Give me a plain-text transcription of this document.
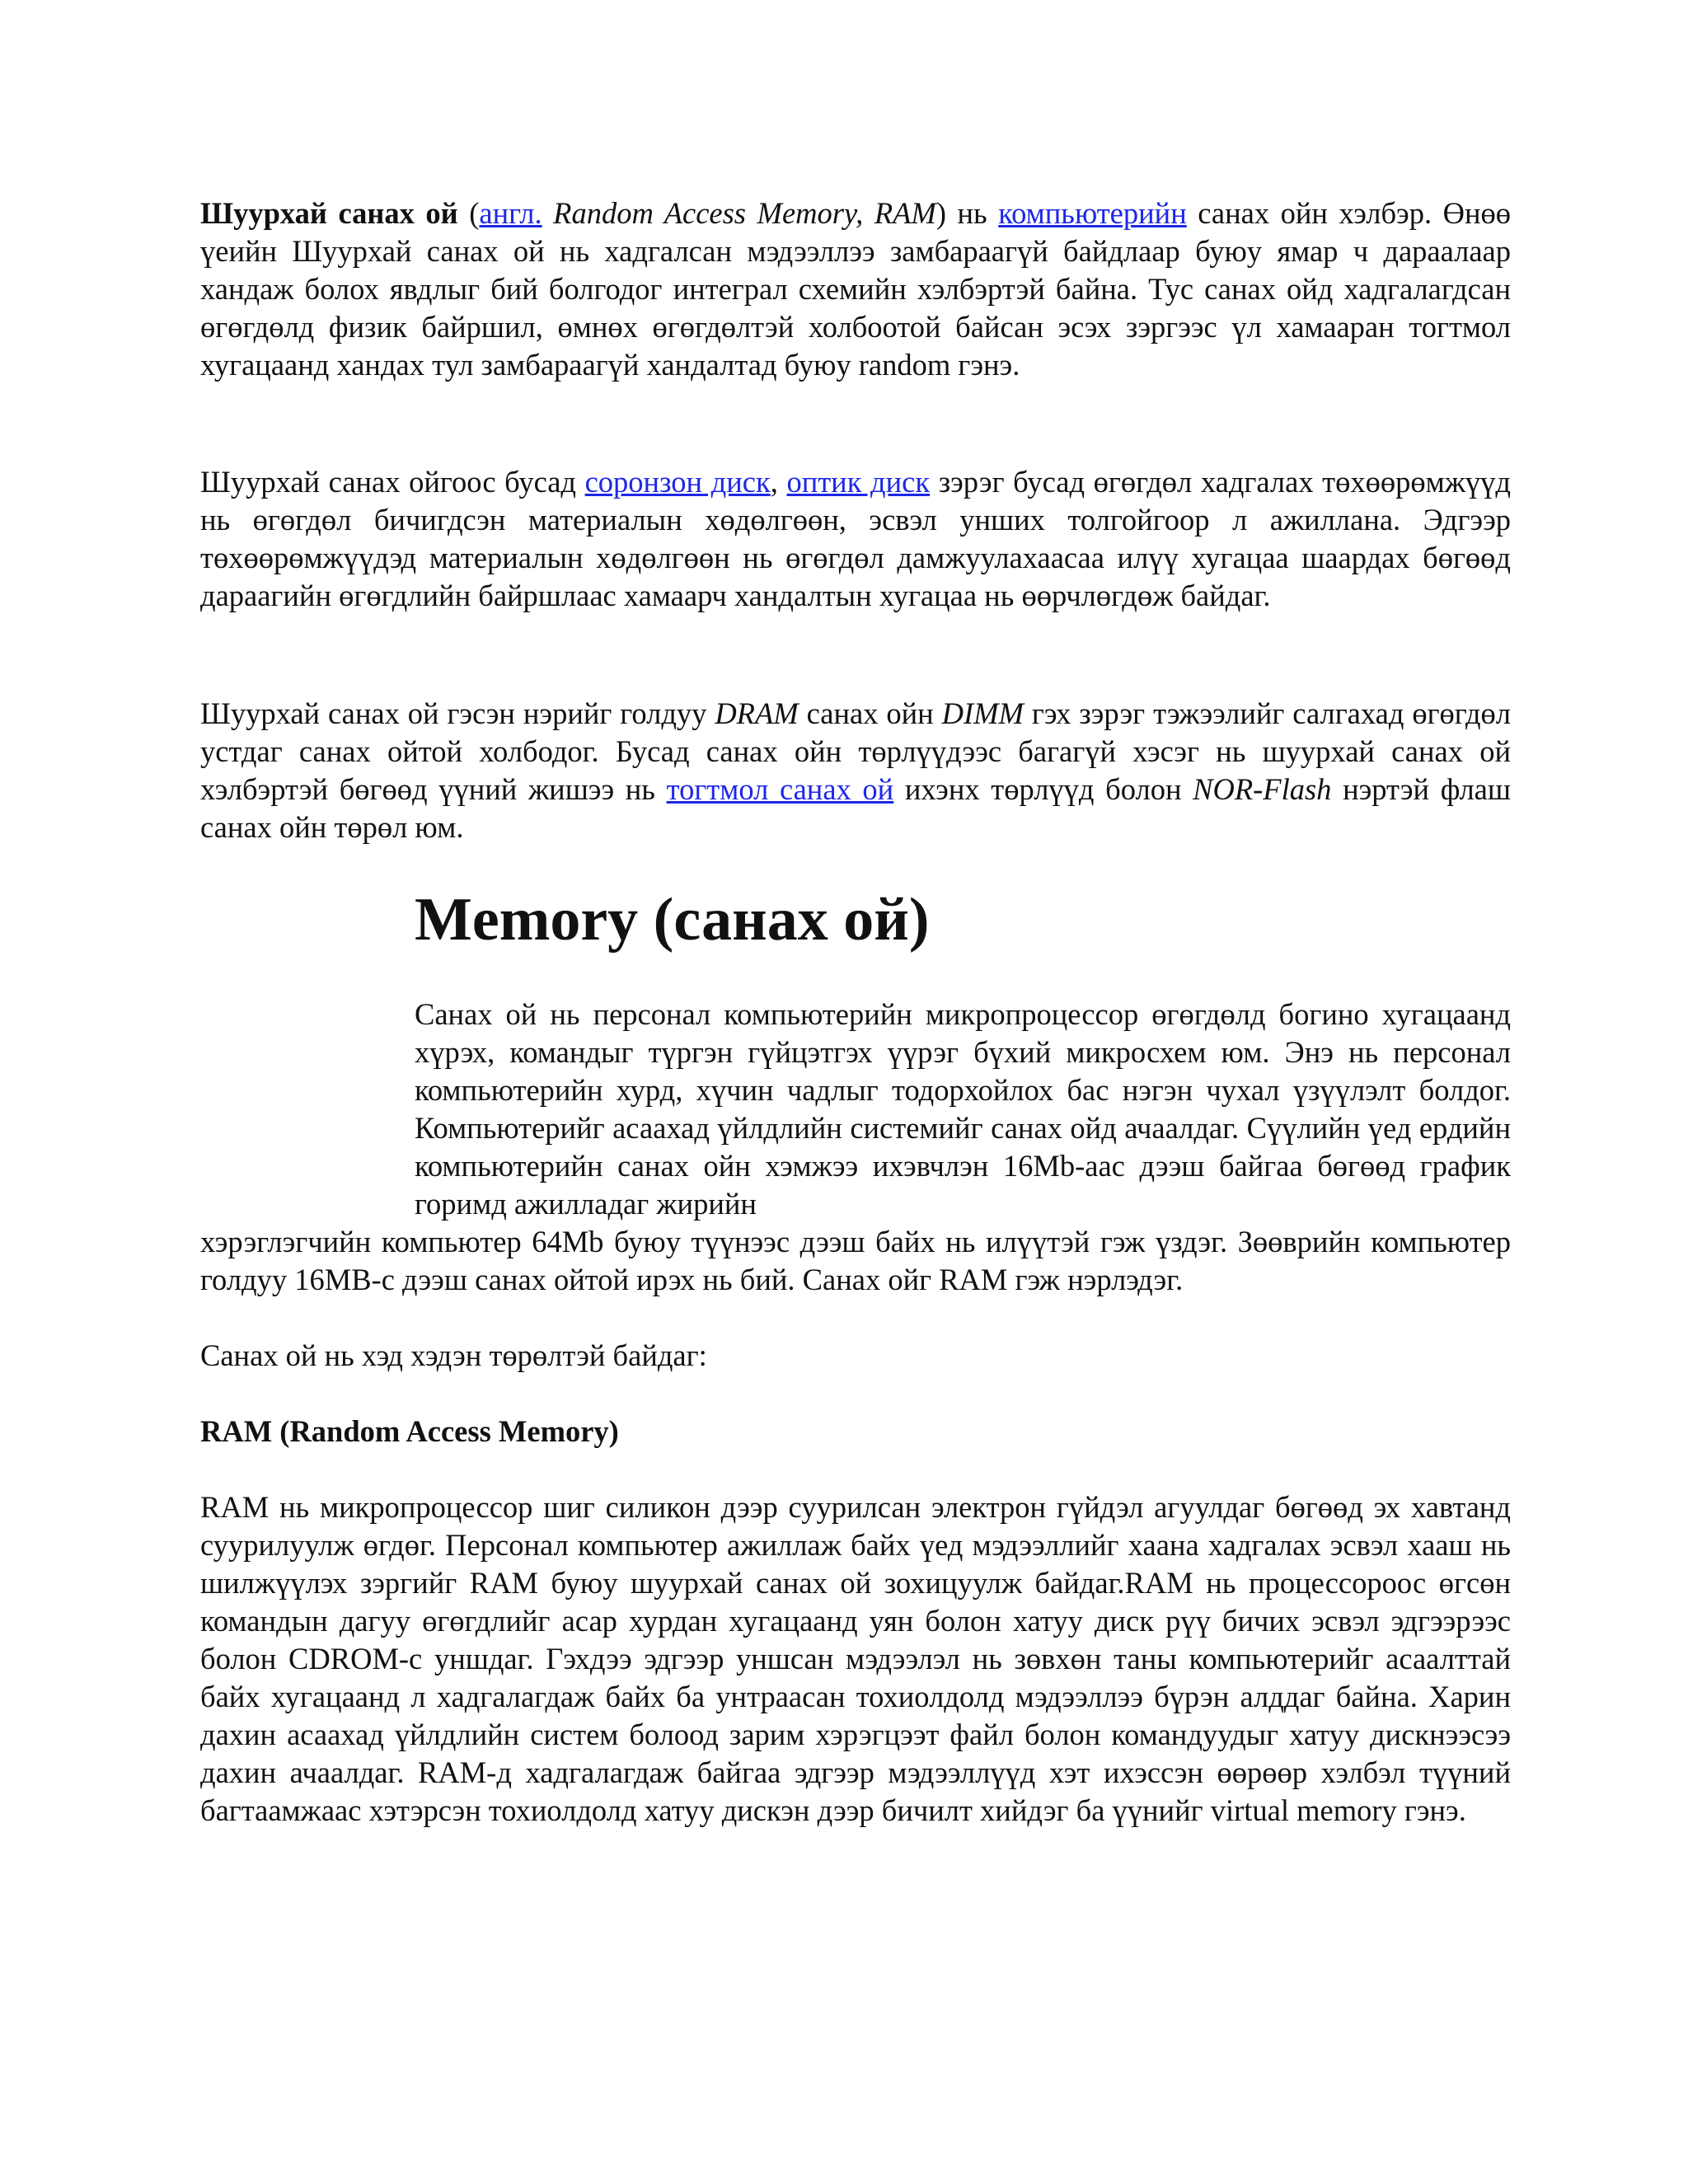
Шуурхай санах ой (англ. Random Access Memory, RAM) нь компьютерийн санах ойн хэлбэр. Өнөө үеийн Шуурхай санах ой нь хадгалсан мэдээллээ замбараагүй байдлаар буюу ямар ч дараалаар хандаж болох явдлыг бий болгодог интеграл схемийн хэлбэртэй байна. Тус санах ойд хадгалагдсан өгөгдөлд физик байршил, өмнөх өгөгдөлтэй холбоотой байсан эсэх зэргээс үл хамааран тогтмол хугацаанд хандах тул замбараагүй хандалтад буюу random гэнэ.

Шуурхай санах ойгоос бусад соронзон диск, оптик диск зэрэг бусад өгөгдөл хадгалах төхөөрөмжүүд нь өгөгдөл бичигдсэн материалын хөдөлгөөн, эсвэл унших толгойгоор л ажиллана. Эдгээр төхөөрөмжүүдэд материалын хөдөлгөөн нь өгөгдөл дамжуулахаасаа илүү хугацаа шаардах бөгөөд дараагийн өгөгдлийн байршлаас хамаарч хандалтын хугацаа нь өөрчлөгдөж байдаг.

Шуурхай санах ой гэсэн нэрийг голдуу DRAM санах ойн DIMM гэх зэрэг тэжээлийг салгахад өгөгдөл устдаг санах ойтой холбодог. Бусад санах ойн төрлүүдээс багагүй хэсэг нь шуурхай санах ой хэлбэртэй бөгөөд үүний жишээ нь тогтмол санах ой ихэнх төрлүүд болон NOR-Flash нэртэй флаш санах ойн төрөл юм.

Memory (санах ой)
Санах ой нь персонал компьютерийн микропроцессор өгөгдөлд богино хугацаанд хүрэх, командыг түргэн гүйцэтгэх үүрэг бүхий микросхем юм. Энэ нь персонал компьютерийн хурд, хүчин чадлыг тодорхойлох бас нэгэн чухал үзүүлэлт болдог. Компьютерийг асаахад үйлдлийн системийг санах ойд ачаалдаг. Сүүлийн үед ердийн компьютерийн санах ойн хэмжээ ихэвчлэн 16Mb-аас дээш байгаа бөгөөд график горимд ажилладаг жирийн
хэрэглэгчийн компьютер 64Mb буюу түүнээс дээш байх нь илүүтэй гэж үздэг. Зөөврийн компьютер голдуу 16MB-с дээш санах ойтой ирэх нь бий. Санах ойг RAM гэж нэрлэдэг.

Санах ой нь хэд хэдэн төрөлтэй байдаг:

RAM (Random Access Memory)

RAM нь микропроцессор шиг силикон дээр суурилсан электрон гүйдэл агуулдаг бөгөөд эх хавтанд суурилуулж өгдөг. Персонал компьютер ажиллаж байх үед мэдээллийг хаана хадгалах эсвэл хааш нь шилжүүлэх зэргийг RAM буюу шуурхай санах ой зохицуулж байдаг.RAM нь процессороос өгсөн командын дагуу өгөгдлийг асар хурдан хугацаанд уян болон хатуу диск рүү бичих эсвэл эдгээрээс болон CDROM-с уншдаг. Гэхдээ эдгээр уншсан мэдээлэл нь зөвхөн таны компьютерийг асаалттай байх хугацаанд л хадгалагдаж байх ба унтраасан тохиолдолд мэдээллээ бүрэн алддаг байна. Харин дахин асаахад үйлдлийн систем болоод зарим хэрэгцээт файл болон командуудыг хатуу дискнээсээ дахин ачаалдаг. RAM-д хадгалагдаж байгаа эдгээр мэдээллүүд хэт ихэссэн өөрөөр хэлбэл түүний багтаамжаас хэтэрсэн тохиолдолд хатуу дискэн дээр бичилт хийдэг ба үүнийг virtual memory гэнэ.
